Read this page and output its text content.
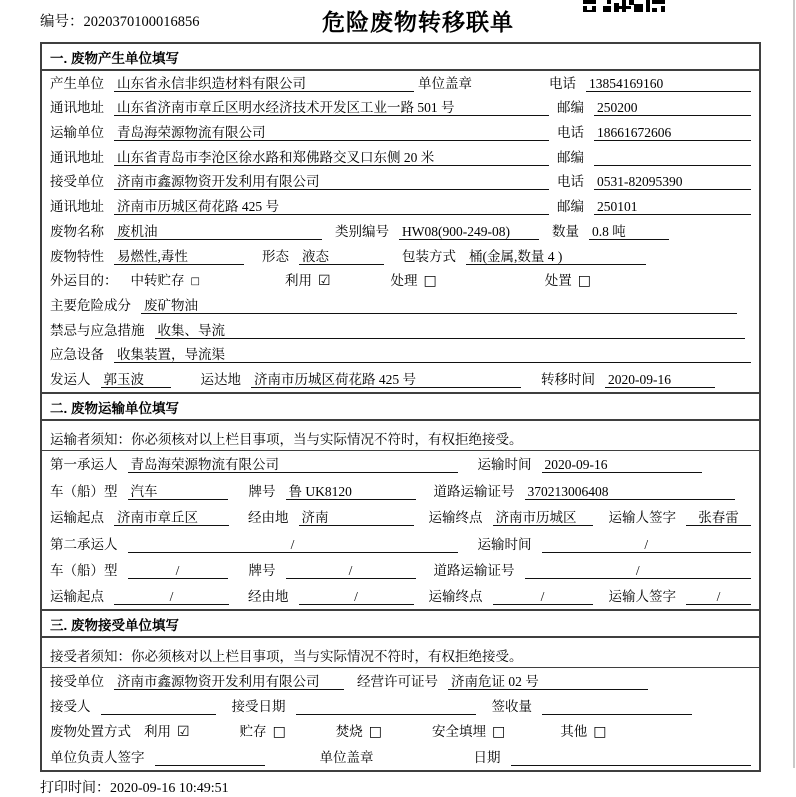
编号：2020370100016856	危险废物转移联单
一. 废物产生单位填写
产生单位 山东省永信非织造材料有限公司	单位盖章	电话 13854169160
通讯地址 山东省济南市章丘区明水经济技术开发区工业一路 501 号	邮编 250200
运输单位 青岛海荣源物流有限公司	电话 18661672606
通讯地址 山东省青岛市李沧区徐水路和郑佛路交叉口东侧 20 米	邮编
接受单位 济南市鑫源物资开发利用有限公司	电话 0531-82095390
通讯地址 济南市历城区荷花路 425 号	邮编 250101
废物名称 废机油	类别编号 HW08(900-249-08)	数量 0.8 吨
废物特性 易燃性,毒性	形态 液态	包装方式 桶(金属,数量 4 )
外运目的： 中转贮存 □	利用 ☑	处理 □	处置 □
主要危险成分 废矿物油
禁忌与应急措施 收集、导流
应急设备 收集装置，导流渠
发运人 郭玉波	运达地 济南市历城区荷花路 425 号	转移时间 2020-09-16
二. 废物运输单位填写
运输者须知：你必须核对以上栏目事项，当与实际情况不符时，有权拒绝接受。
第一承运人 青岛海荣源物流有限公司	运输时间 2020-09-16
车（船）型 汽车	牌号 鲁 UK8120	道路运输证号 370213006408
运输起点 济南市章丘区	经由地 济南	运输终点 济南市历城区	运输人签字	张春雷
第二承运人	/	运输时间	/
车（船）型	/	牌号	/	道路运输证号	/
运输起点	/	经由地	/	运输终点	/	运输人签字	/
三. 废物接受单位填写
接受者须知：你必须核对以上栏目事项，当与实际情况不符时，有权拒绝接受。
接受单位 济南市鑫源物资开发利用有限公司	经营许可证号 济南危证 02 号
接受人	接受日期	签收量
废物处置方式 利用 ☑	贮存 □	焚烧 □	安全填埋 □	其他 □
单位负责人签字	单位盖章	日期
打印时间：2020-09-16 10:49:51
